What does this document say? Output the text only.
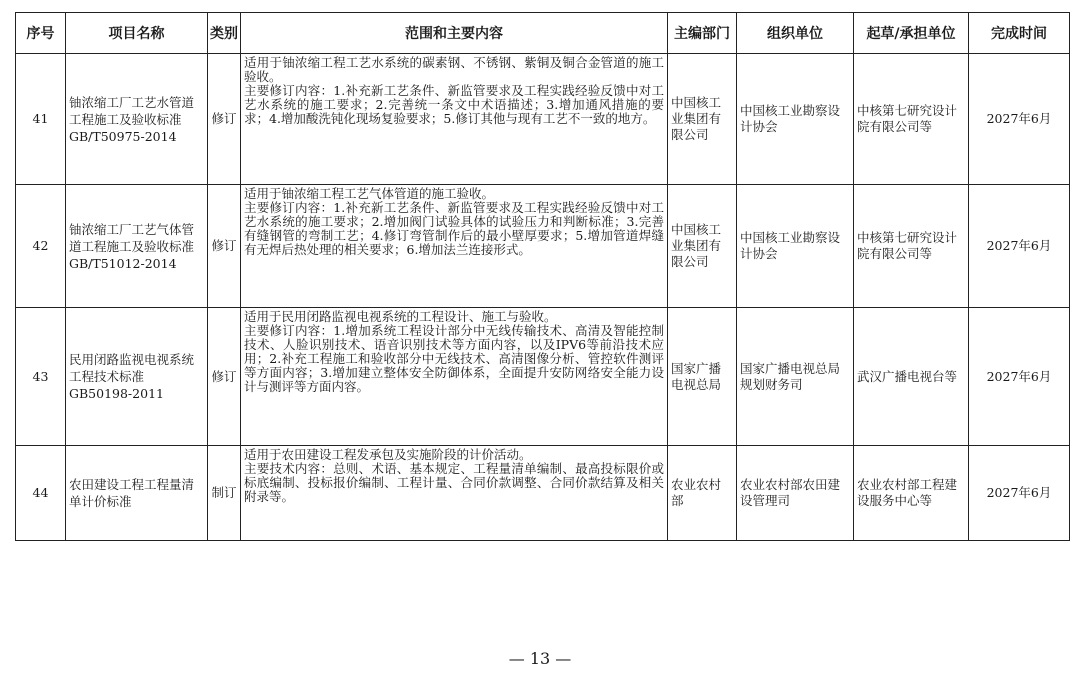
序号	项目名称	类别	范围和主要内容	主编部门	组织单位	起草/承担单位	完成时间
41	铀浓缩工厂工艺水管道工程施工及验收标准GB/T50975-2014	修订	适用于铀浓缩工程工艺水系统的碳素钢、不锈钢、紫铜及铜合金管道的施工验收。
主要修订内容：1.补充新工艺条件、新监管要求及工程实践经验反馈中对工艺水系统的施工要求；2.完善统一条文中术语描述；3.增加通风措施的要求；4.增加酸洗钝化现场复验要求；5.修订其他与现有工艺不一致的地方。	中国核工业集团有限公司	中国核工业勘察设计协会	中核第七研究设计院有限公司等	2027年6月
42	铀浓缩工厂工艺气体管道工程施工及验收标准GB/T51012-2014	修订	适用于铀浓缩工程工艺气体管道的施工验收。
主要修订内容：1.补充新工艺条件、新监管要求及工程实践经验反馈中对工艺水系统的施工要求；2.增加阀门试验具体的试验压力和判断标准；3.完善有缝钢管的弯制工艺；4.修订弯管制作后的最小壁厚要求；5.增加管道焊缝有无焊后热处理的相关要求；6.增加法兰连接形式。	中国核工业集团有限公司	中国核工业勘察设计协会	中核第七研究设计院有限公司等	2027年6月
43	民用闭路监视电视系统工程技术标准GB50198-2011	修订	适用于民用闭路监视电视系统的工程设计、施工与验收。
主要修订内容：1.增加系统工程设计部分中无线传输技术、高清及智能控制技术、人脸识别技术、语音识别技术等方面内容，以及IPV6等前沿技术应用；2.补充工程施工和验收部分中无线技术、高清图像分析、管控软件测评等方面内容；3.增加建立整体安全防御体系，全面提升安防网络安全能力设计与测评等方面内容。	国家广播电视总局	国家广播电视总局规划财务司	武汉广播电视台等	2027年6月
44	农田建设工程工程量清单计价标准	制订	适用于农田建设工程发承包及实施阶段的计价活动。
主要技术内容：总则、术语、基本规定、工程量清单编制、最高投标限价或标底编制、投标报价编制、工程计量、合同价款调整、合同价款结算及相关附录等。	农业农村部	农业农村部农田建设管理司	农业农村部工程建设服务中心等	2027年6月
— 13 —
